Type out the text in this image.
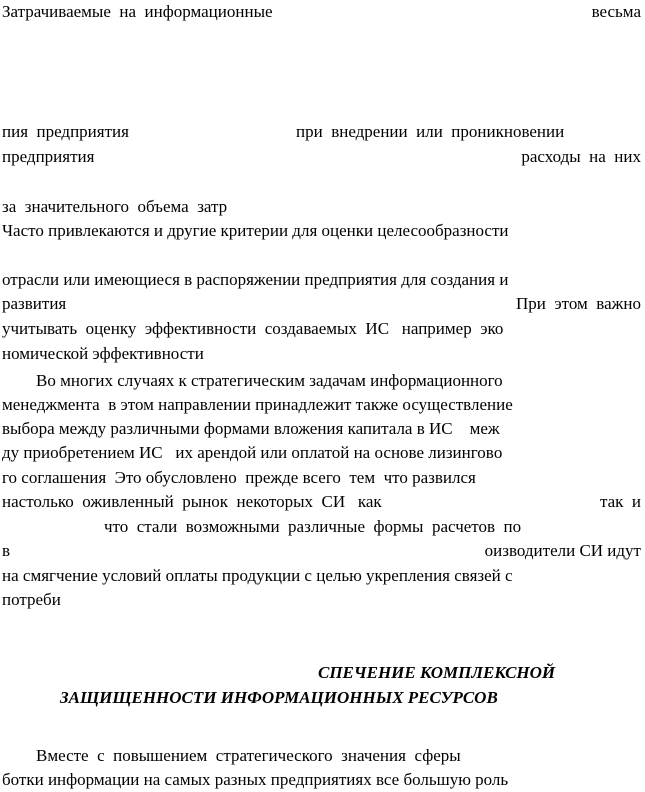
Затрачиваемые  на  информационные	весьма
пия  предприятия	при  внедрении  или  проникновении
предприятия	расходы  на  них
за  значительного  объема  затр
Часто привлекаются и другие критерии для оценки целесообразности
отрасли или имеющиеся в распоряжении предприятия для создания и
развития	При  этом  важно
учитывать  оценку  эффективности  создаваемых  ИС   например  эко
номической эффективности
Во многих случаях к стратегическим задачам информационного
менеджмента  в этом направлении принадлежит также осуществление
выбора между различными формами вложения капитала в ИС    меж
ду приобретением ИС   их арендой или оплатой на основе лизинговo
го соглашения  Это обусловлено  прежде всего  тем  что развился
настолько  оживленный  рынок  некоторых  СИ   как	так  и
что  стали  возможными  различные  формы  расчетов  по
в	оизводители СИ идут
на смягчение условий оплаты продукции с целью укрепления связей с
потреби
СПЕЧЕНИЕ КОМПЛЕКСНОЙ
ЗАЩИЩЕННОСТИ ИНФОРМАЦИОННЫХ РЕСУРСОВ
Вместе  с  повышением  стратегического  значения  сферы
ботки информации на самых разных предприятиях все большую роль
